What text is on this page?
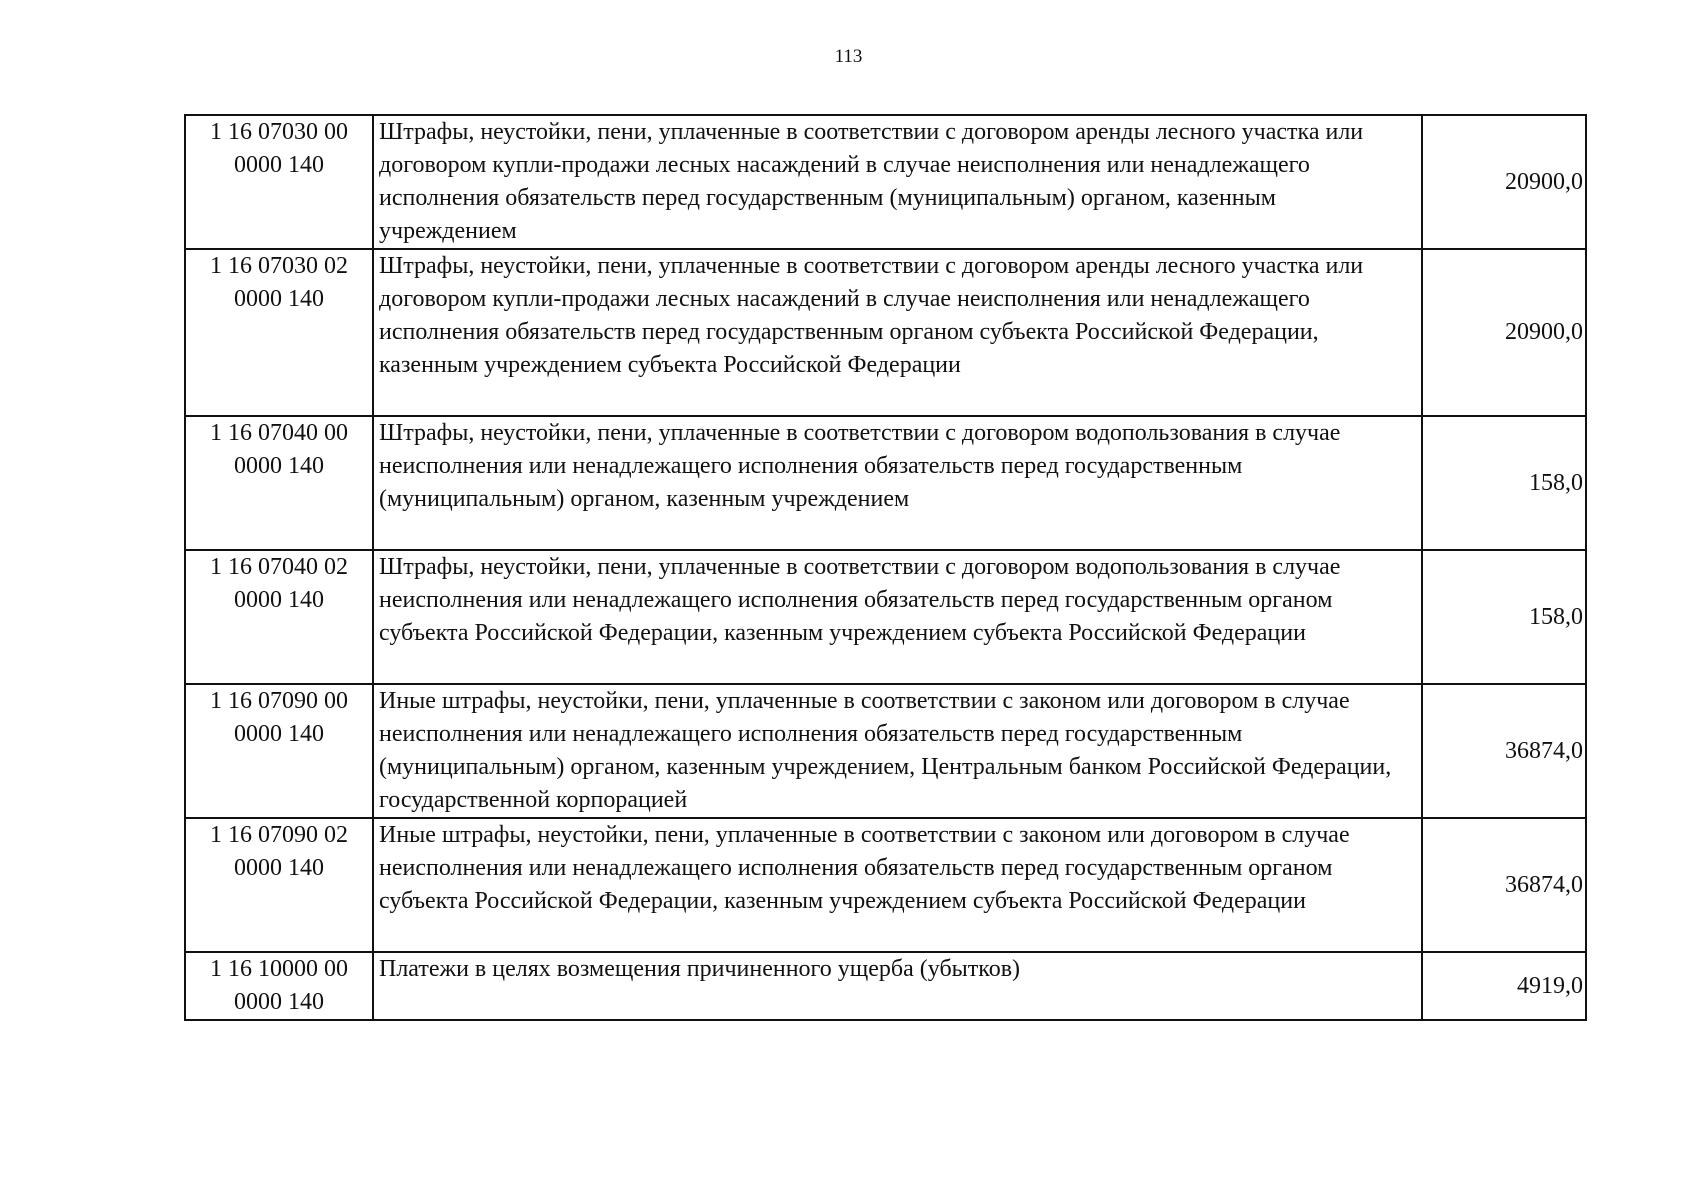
113
1 16 07030 00 0000 140	Штрафы, неустойки, пени, уплаченные в соответствии с договором аренды лесного участка или договором купли-продажи лесных насаждений в случае неисполнения или ненадлежащего исполнения обязательств перед государственным (муниципальным) органом, казенным учреждением	20900,0
1 16 07030 02 0000 140	Штрафы, неустойки, пени, уплаченные в соответствии с договором аренды лесного участка или договором купли-продажи лесных насаждений в случае неисполнения или ненадлежащего исполнения обязательств перед государственным органом субъекта Российской Федерации, казенным учреждением субъекта Российской Федерации	20900,0
1 16 07040 00 0000 140	Штрафы, неустойки, пени, уплаченные в соответствии с договором водопользования в случае неисполнения или ненадлежащего исполнения обязательств перед государственным (муниципальным) органом, казенным учреждением	158,0
1 16 07040 02 0000 140	Штрафы, неустойки, пени, уплаченные в соответствии с договором водопользования в случае неисполнения или ненадлежащего исполнения обязательств перед государственным органом субъекта Российской Федерации, казенным учреждением субъекта Российской Федерации	158,0
1 16 07090 00 0000 140	Иные штрафы, неустойки, пени, уплаченные в соответствии с законом или договором в случае неисполнения или ненадлежащего исполнения обязательств перед государственным (муниципальным) органом, казенным учреждением, Центральным банком Российской Федерации, государственной корпорацией	36874,0
1 16 07090 02 0000 140	Иные штрафы, неустойки, пени, уплаченные в соответствии с законом или договором в случае неисполнения или ненадлежащего исполнения обязательств перед государственным органом субъекта Российской Федерации, казенным учреждением субъекта Российской Федерации	36874,0
1 16 10000 00 0000 140	Платежи в целях возмещения причиненного ущерба (убытков)	4919,0
